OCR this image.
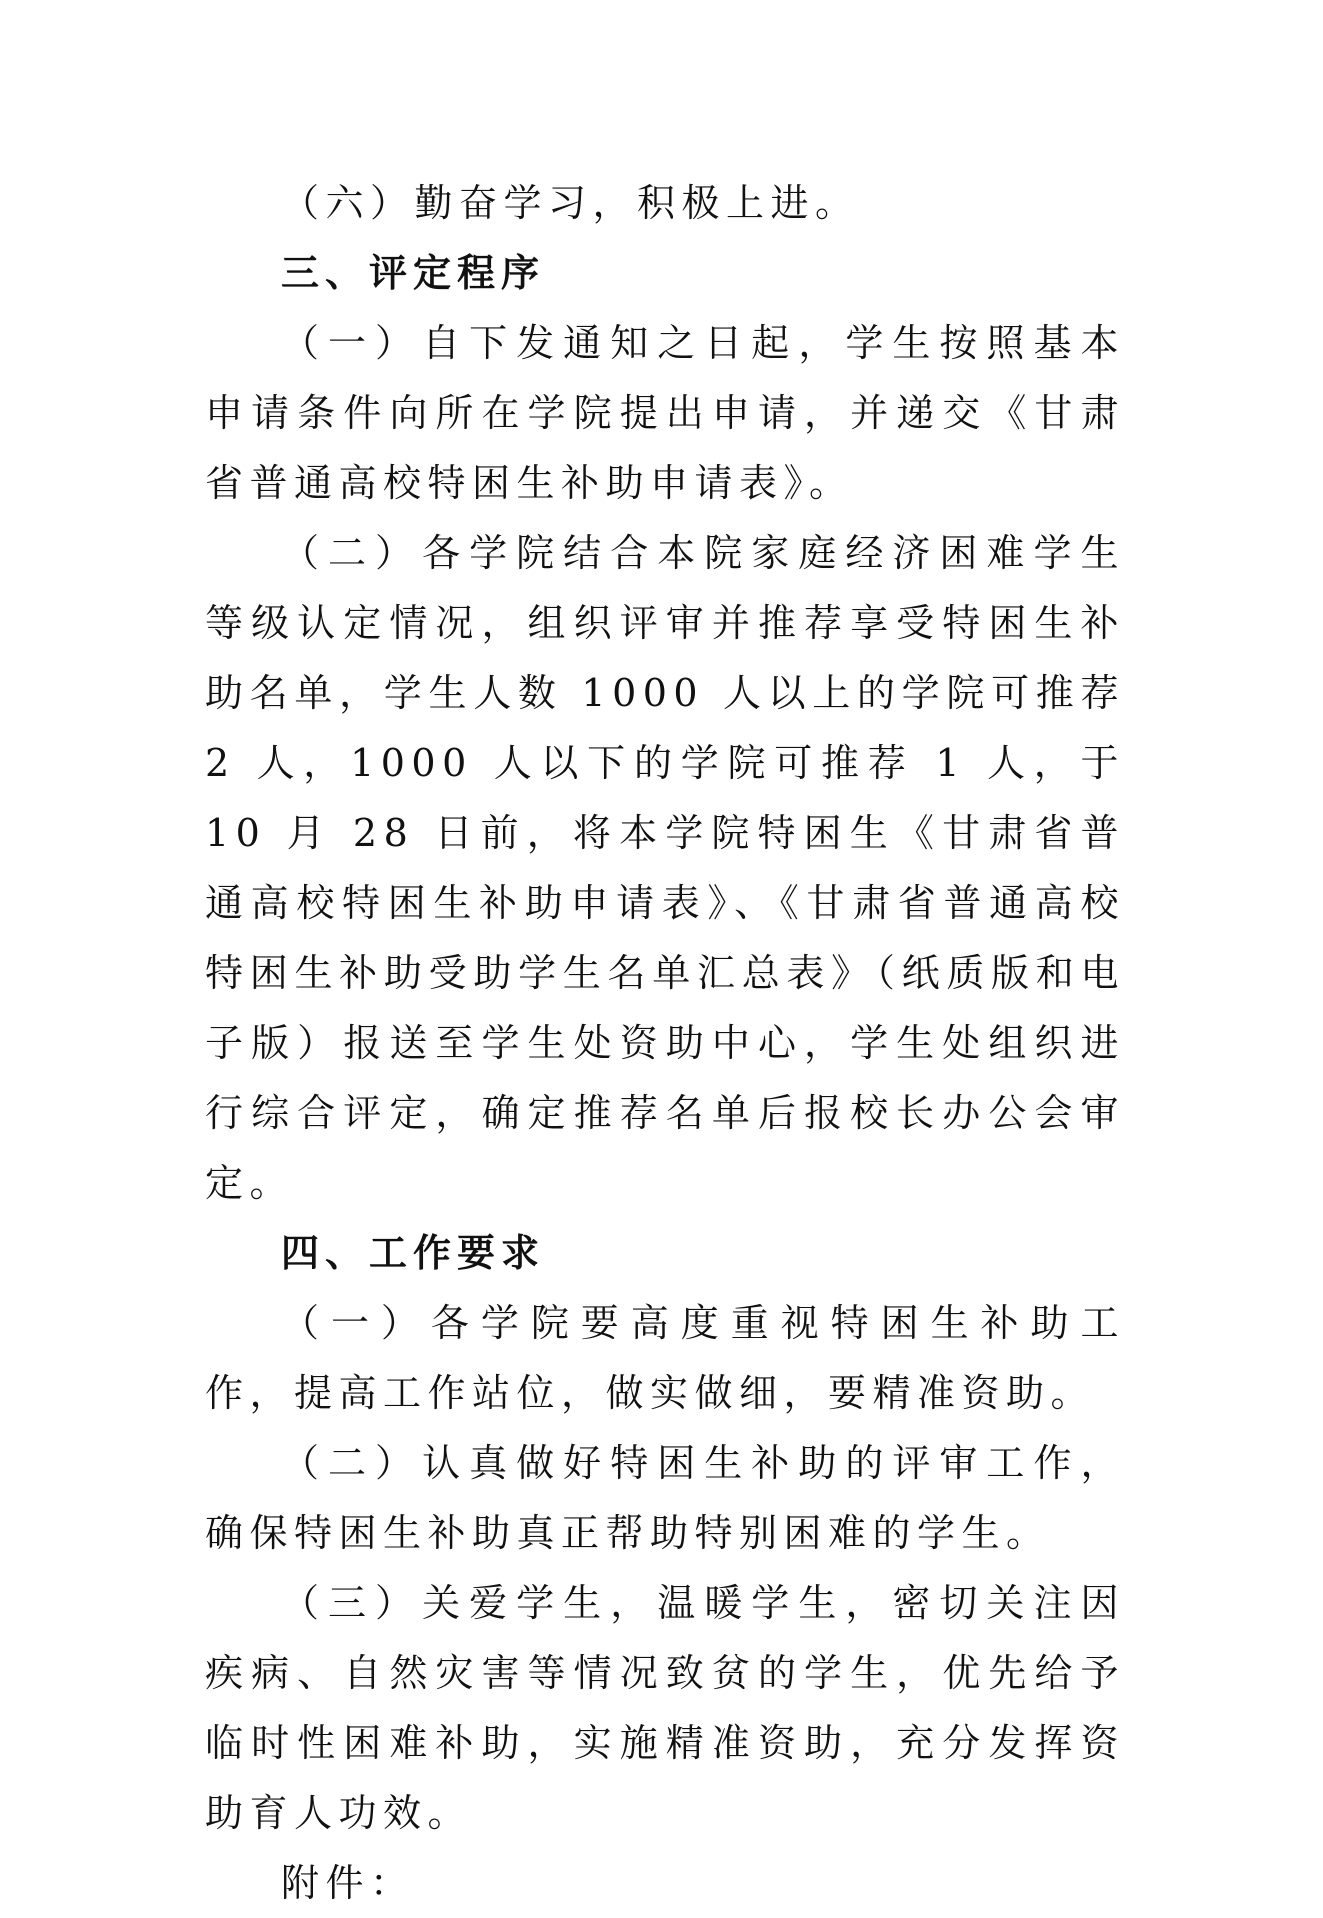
（六）勤奋学习，积极上进。

三、评定程序

（一）自下发通知之日起，学生按照基本申请条件向所在学院提出申请，并递交《甘肃省普通高校特困生补助申请表》。

（二）各学院结合本院家庭经济困难学生等级认定情况，组织评审并推荐享受特困生补助名单，学生人数 1000 人以上的学院可推荐 2 人，1000 人以下的学院可推荐 1 人，于 10 月 28 日前，将本学院特困生《甘肃省普通高校特困生补助申请表》、《甘肃省普通高校特困生补助受助学生名单汇总表》（纸质版和电子版）报送至学生处资助中心，学生处组织进行综合评定，确定推荐名单后报校长办公会审定。

四、工作要求

（一）各学院要高度重视特困生补助工作，提高工作站位，做实做细，要精准资助。

（二）认真做好特困生补助的评审工作，确保特困生补助真正帮助特别困难的学生。

（三）关爱学生，温暖学生，密切关注因疾病、自然灾害等情况致贫的学生，优先给予临时性困难补助，实施精准资助，充分发挥资助育人功效。

附件：
